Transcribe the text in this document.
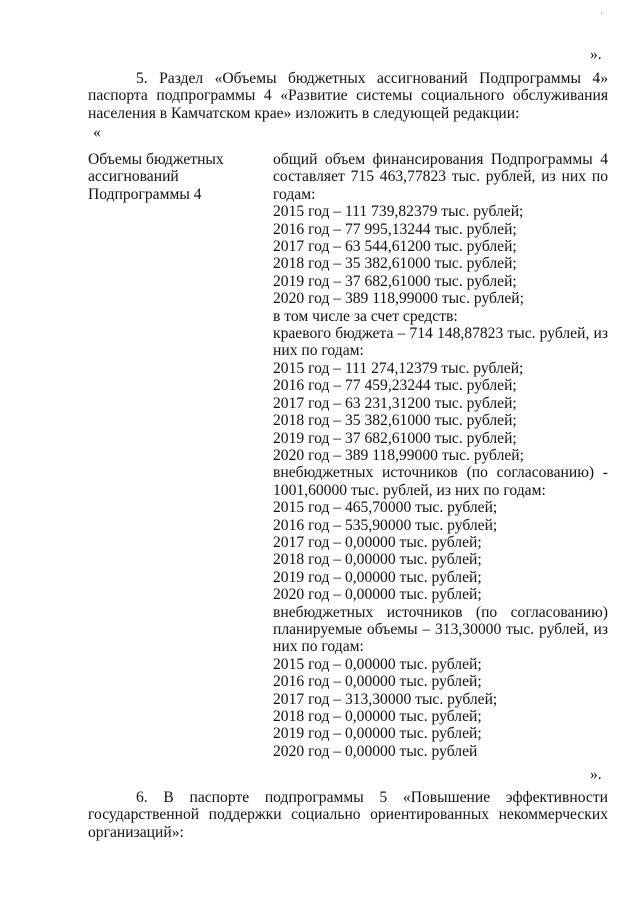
·
».

5. Раздел «Объемы бюджетных ассигнований Подпрограммы 4» паспорта подпрограммы 4 «Развитие системы социального обслуживания населения в Камчатском крае» изложить в следующей редакции:

«
Объемы бюджетных ассигнований Подпрограммы 4
общий объем финансирования Подпрограммы 4 составляет 715 463,77823 тыс. рублей, из них по годам:
2015 год – 111 739,82379 тыс. рублей;
2016 год – 77 995,13244 тыс. рублей;
2017 год – 63 544,61200 тыс. рублей;
2018 год – 35 382,61000 тыс. рублей;
2019 год – 37 682,61000 тыс. рублей;
2020 год – 389 118,99000 тыс. рублей;
в том числе за счет средств:
краевого бюджета – 714 148,87823 тыс. рублей, из них по годам:
2015 год – 111 274,12379 тыс. рублей;
2016 год – 77 459,23244 тыс. рублей;
2017 год – 63 231,31200 тыс. рублей;
2018 год – 35 382,61000 тыс. рублей;
2019 год – 37 682,61000 тыс. рублей;
2020 год – 389 118,99000 тыс. рублей;
внебюджетных источников (по согласованию) - 1001,60000 тыс. рублей, из них по годам:
2015 год – 465,70000 тыс. рублей;
2016 год – 535,90000 тыс. рублей;
2017 год – 0,00000 тыс. рублей;
2018 год – 0,00000 тыс. рублей;
2019 год – 0,00000 тыс. рублей;
2020 год – 0,00000 тыс. рублей;
внебюджетных источников (по согласованию) планируемые объемы – 313,30000 тыс. рублей, из них по годам:
2015 год – 0,00000 тыс. рублей;
2016 год – 0,00000 тыс. рублей;
2017 год – 313,30000 тыс. рублей;
2018 год – 0,00000 тыс. рублей;
2019 год – 0,00000 тыс. рублей;
2020 год – 0,00000 тыс. рублей
».

6. В паспорте подпрограммы 5 «Повышение эффективности государственной поддержки социально ориентированных некоммерческих организаций»:
